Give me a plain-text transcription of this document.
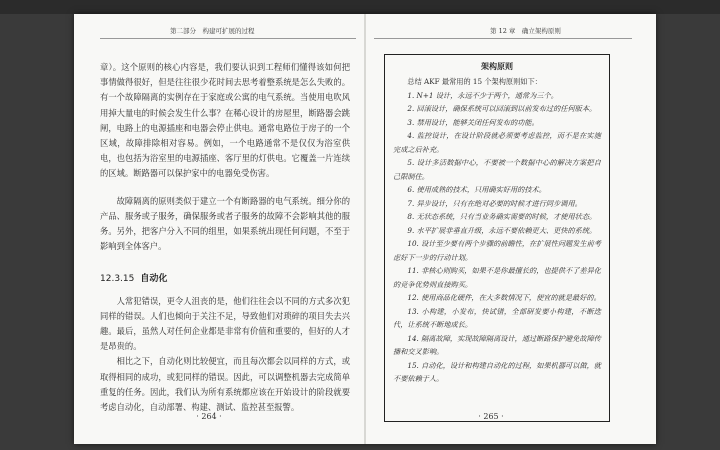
第二部分　构建可扩展的过程

章）。这个原则的核心内容是，我们要认识到工程师们懂得该如何把事情做得很好，但是往往很少花时间去思考着整系统是怎么失败的。有一个故障隔离的实例存在于家庭或公寓的电气系统。当使用电吹风用掉大量电的时候会发生什么事？在稀心设计的房屋里，断路器会跳闸，电路上的电源插座和电器会停止供电。通常电路位于房子的一个区域，故障排除相对容易。例如，一个电路通常不是仅仅为浴室供电，也包括为浴室里的电源插座、客厅里的灯供电。它覆盖一片连续的区域。断路器可以保护家中的电器免受伤害。

故障隔离的原则类似于建立一个有断路器的电气系统。细分你的产品、服务或子服务，确保服务或者子服务的故障不会影响其他的服务。另外，把客户分入不同的组里，如果系统出现任何问题，不至于影响到全体客户。

12.3.15 自动化

人常犯错误，更令人沮丧的是，他们往往会以不同的方式多次犯同样的错误。人们也倾向于关注不足，导致他们对琐碎的项目失去兴趣。最后，虽然人对任何企业都是非常有价值和重要的，但好的人才是昂贵的。

相比之下，自动化则比较便宜，而且每次都会以同样的方式，或取得相同的成功，或犯同样的错误。因此，可以调整机器去完成简单重复的任务。因此，我们认为所有系统都应该在开始设计的阶段就要考虑自动化，自动部署、构建、测试、监控甚至报警。

· 264 ·
第 12 章　确立架构原则
架构原则

总结 AKF 最常用的 15 个架构原则如下：

1. N+1 设计，永远不少于两个，通常为三个。
2. 回滚设计，确保系统可以回滚到以前发布过的任何版本。
3. 禁用设计，能够关闭任何发布的功能。
4. 监控设计，在设计阶段就必须要考虑监控，而不是在实施完成之后补充。
5. 设计多活数据中心，不要被一个数据中心的解决方案把自己限制住。
6. 使用成熟的技术，只用确实好用的技术。
7. 异步设计，只有在绝对必要的时候才进行同步调用。
8. 无状态系统，只有当业务确实需要的时候，才使用状态。
9. 水平扩展非垂直升级，永远不要依赖更大、更快的系统。
10. 设计至少要有两个步骤的前瞻性，在扩展性问题发生前考虑好下一步的行动计划。
11. 非核心则购买，如果不是你最擅长的，也提供不了差异化的竞争优势则直接购买。
12. 使用商品化硬件，在大多数情况下，便宜的就是最好的。
13. 小构建，小发布，快试错，全部研发要小构建，不断迭代，让系统不断地成长。
14. 隔离故障，实现故障隔离设计，通过断路保护避免故障传播和交叉影响。
15. 自动化，设计和构建自动化的过程，如果机器可以做，就不要依赖于人。
· 265 ·
